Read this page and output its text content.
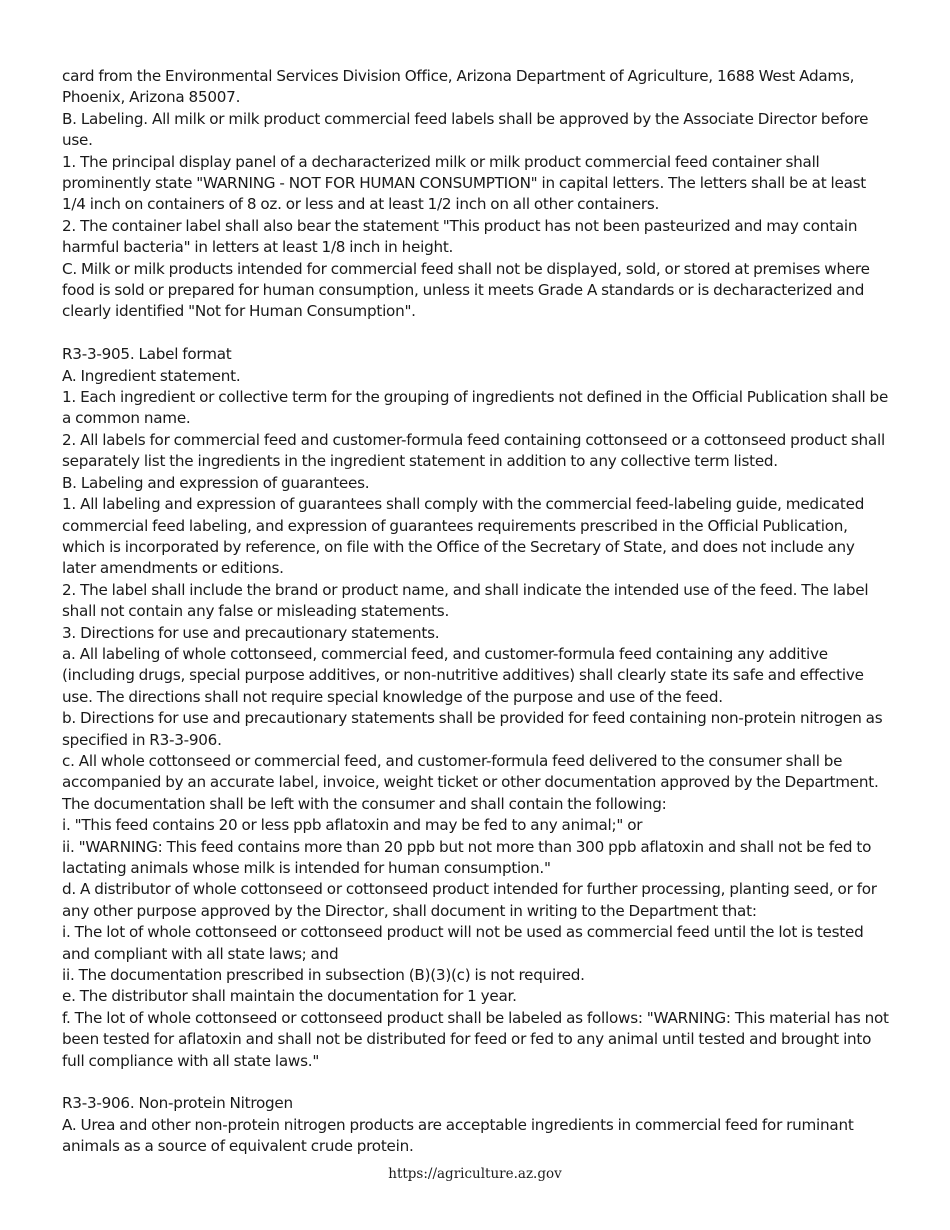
card from the Environmental Services Division Office, Arizona Department of Agriculture, 1688 West Adams, Phoenix, Arizona 85007.
B. Labeling. All milk or milk product commercial feed labels shall be approved by the Associate Director before use.
1. The principal display panel of a decharacterized milk or milk product commercial feed container shall prominently state "WARNING - NOT FOR HUMAN CONSUMPTION" in capital letters. The letters shall be at least 1/4 inch on containers of 8 oz. or less and at least 1/2 inch on all other containers.
2. The container label shall also bear the statement "This product has not been pasteurized and may contain harmful bacteria" in letters at least 1/8 inch in height.
C. Milk or milk products intended for commercial feed shall not be displayed, sold, or stored at premises where food is sold or prepared for human consumption, unless it meets Grade A standards or is decharacterized and clearly identified "Not for Human Consumption".
R3-3-905. Label format
A. Ingredient statement.
1. Each ingredient or collective term for the grouping of ingredients not defined in the Official Publication shall be a common name.
2. All labels for commercial feed and customer-formula feed containing cottonseed or a cottonseed product shall separately list the ingredients in the ingredient statement in addition to any collective term listed.
B. Labeling and expression of guarantees.
1. All labeling and expression of guarantees shall comply with the commercial feed-labeling guide, medicated commercial feed labeling, and expression of guarantees requirements prescribed in the Official Publication, which is incorporated by reference, on file with the Office of the Secretary of State, and does not include any later amendments or editions.
2. The label shall include the brand or product name, and shall indicate the intended use of the feed. The label shall not contain any false or misleading statements.
3. Directions for use and precautionary statements.
a. All labeling of whole cottonseed, commercial feed, and customer-formula feed containing any additive (including drugs, special purpose additives, or non-nutritive additives) shall clearly state its safe and effective use. The directions shall not require special knowledge of the purpose and use of the feed.
b. Directions for use and precautionary statements shall be provided for feed containing non-protein nitrogen as specified in R3-3-906.
c. All whole cottonseed or commercial feed, and customer-formula feed delivered to the consumer shall be accompanied by an accurate label, invoice, weight ticket or other documentation approved by the Department. The documentation shall be left with the consumer and shall contain the following:
i. "This feed contains 20 or less ppb aflatoxin and may be fed to any animal;" or
ii. "WARNING: This feed contains more than 20 ppb but not more than 300 ppb aflatoxin and shall not be fed to lactating animals whose milk is intended for human consumption."
d. A distributor of whole cottonseed or cottonseed product intended for further processing, planting seed, or for any other purpose approved by the Director, shall document in writing to the Department that:
i. The lot of whole cottonseed or cottonseed product will not be used as commercial feed until the lot is tested and compliant with all state laws; and
ii. The documentation prescribed in subsection (B)(3)(c) is not required.
e. The distributor shall maintain the documentation for 1 year.
f. The lot of whole cottonseed or cottonseed product shall be labeled as follows: "WARNING: This material has not been tested for aflatoxin and shall not be distributed for feed or fed to any animal until tested and brought into full compliance with all state laws."
R3-3-906. Non-protein Nitrogen
A. Urea and other non-protein nitrogen products are acceptable ingredients in commercial feed for ruminant animals as a source of equivalent crude protein.
https://agriculture.az.gov
